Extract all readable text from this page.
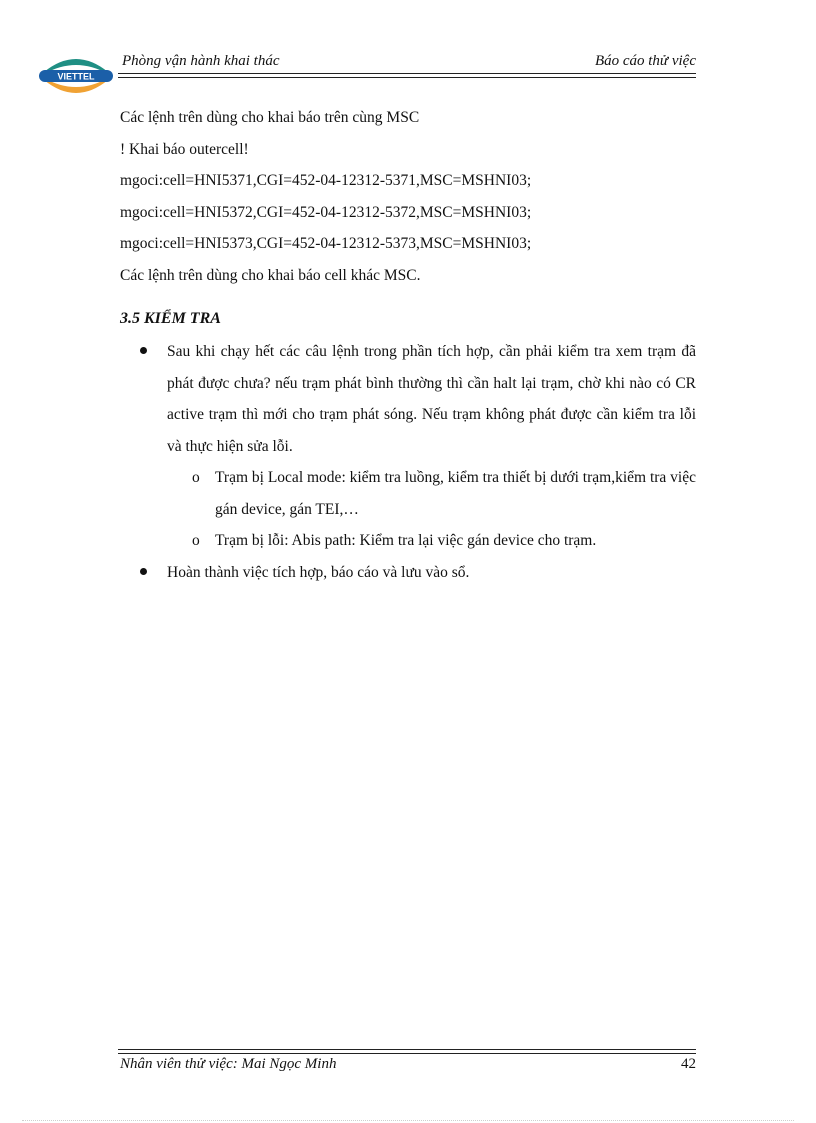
VIETTEL
Phòng vận hành khai thác	Báo cáo thử việc

Các lệnh trên dùng cho khai báo trên cùng MSC

! Khai báo outercell!

mgoci:cell=HNI5371,CGI=452-04-12312-5371,MSC=MSHNI03;

mgoci:cell=HNI5372,CGI=452-04-12312-5372,MSC=MSHNI03;

mgoci:cell=HNI5373,CGI=452-04-12312-5373,MSC=MSHNI03;

Các lệnh trên dùng cho khai báo cell khác MSC.

3.5 KIỂM TRA
Sau khi chạy hết các câu lệnh trong phần tích hợp, cần phải kiểm tra xem trạm đã phát được chưa? nếu trạm phát bình thường thì cần halt lại trạm, chờ khi nào có CR active trạm thì mới cho trạm phát sóng. Nếu trạm không phát được cần kiểm tra lỗi và thực hiện sửa lỗi.
o Trạm bị Local mode: kiểm tra luồng, kiểm tra thiết bị dưới trạm,kiểm tra việc gán device, gán TEI,…
o Trạm bị lỗi: Abis path: Kiểm tra lại việc gán device cho trạm.
Hoàn thành việc tích hợp, báo cáo và lưu vào sổ.
Nhân viên thử việc: Mai Ngọc Minh	42
